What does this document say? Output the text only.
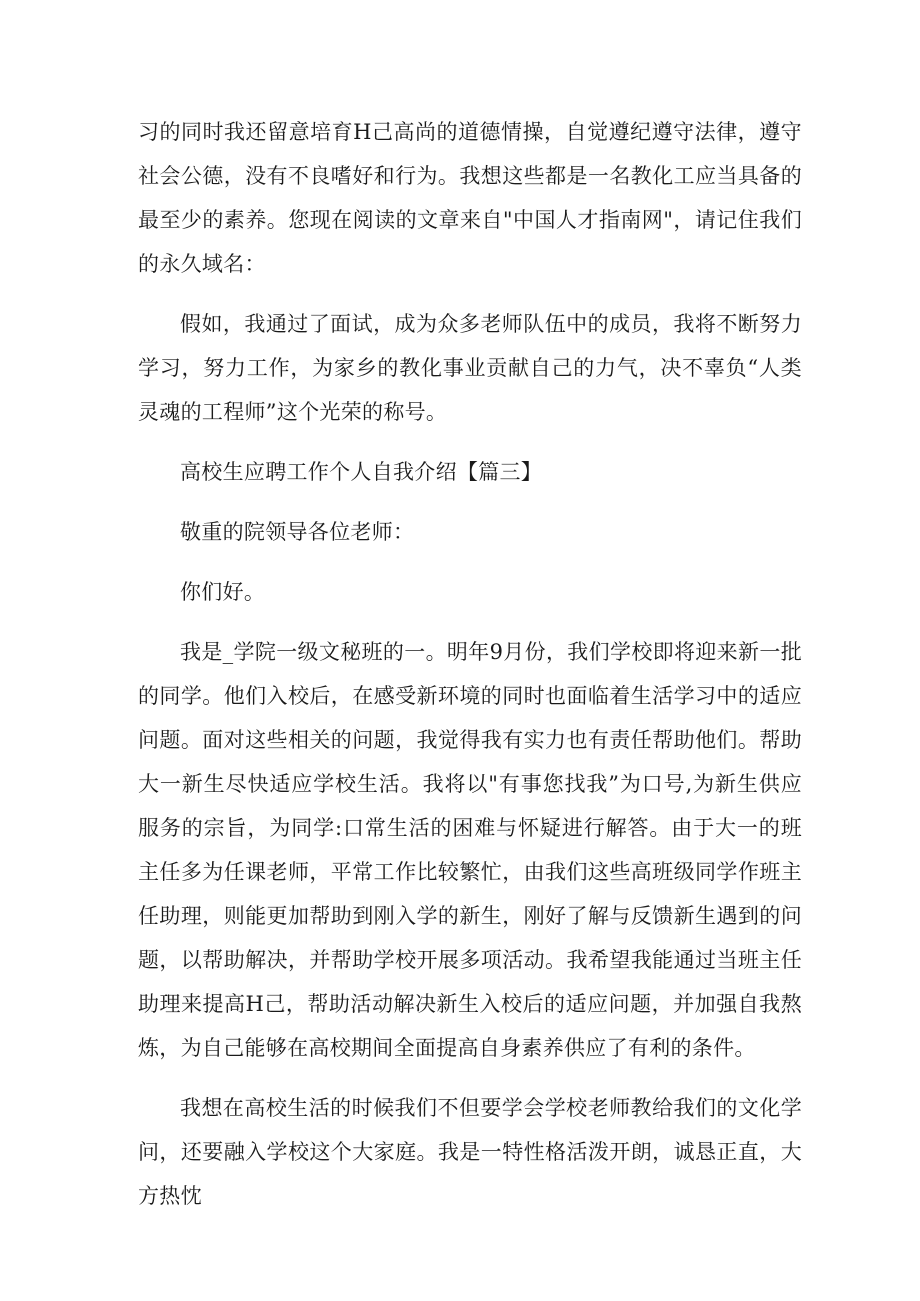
习的同时我还留意培育H己高尚的道德情操，自觉遵纪遵守法律，遵守社会公德，没有不良嗜好和行为。我想这些都是一名教化工应当具备的最至少的素养。您现在阅读的文章来自"中国人才指南网"，请记住我们的永久域名：

假如，我通过了面试，成为众多老师队伍中的成员，我将不断努力学习，努力工作，为家乡的教化事业贡献自己的力气，决不辜负“人类灵魂的工程师”这个光荣的称号。

高校生应聘工作个人自我介绍【篇三】

敬重的院领导各位老师：

你们好。

我是_学院一级文秘班的一。明年9月份，我们学校即将迎来新一批的同学。他们入校后，在感受新环境的同时也面临着生活学习中的适应问题。面对这些相关的问题，我觉得我有实力也有责任帮助他们。帮助大一新生尽快适应学校生活。我将以"有事您找我”为口号,为新生供应服务的宗旨，为同学:口常生活的困难与怀疑进行解答。由于大一的班主任多为任课老师，平常工作比较繁忙，由我们这些高班级同学作班主任助理，则能更加帮助到刚入学的新生，刚好了解与反馈新生遇到的问题，以帮助解决，并帮助学校开展多项活动。我希望我能通过当班主任助理来提高H己，帮助活动解决新生入校后的适应问题，并加强自我熬炼，为自己能够在高校期间全面提高自身素养供应了有利的条件。

我想在高校生活的时候我们不但要学会学校老师教给我们的文化学问，还要融入学校这个大家庭。我是一特性格活泼开朗，诚恳正直，大方热忱
